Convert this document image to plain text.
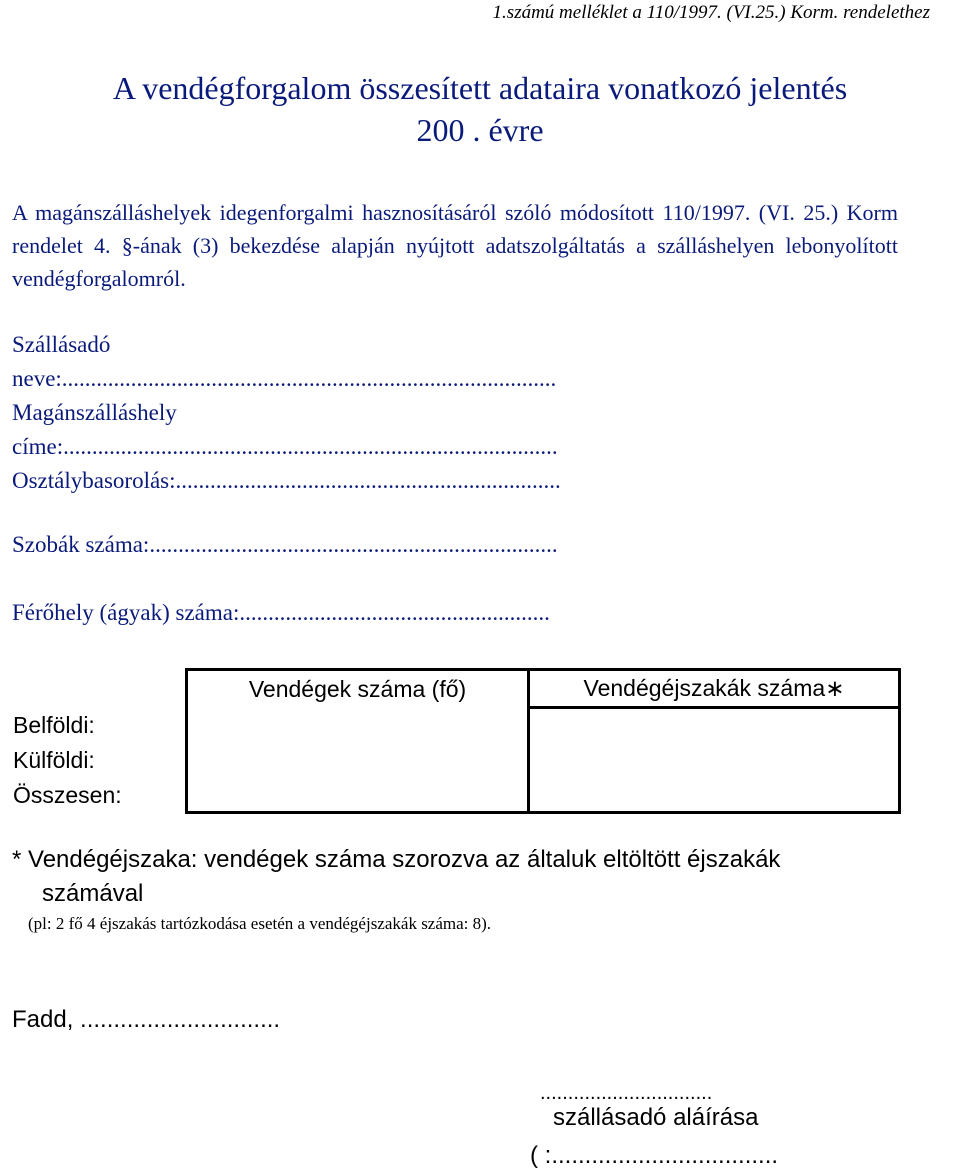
1.számú melléklet a 110/1997. (VI.25.) Korm. rendelethez
A vendégforgalom összesített adataira vonatkozó jelentés
200 . évre
A magánszálláshelyek idegenforgalmi hasznosításáról szóló módosított 110/1997. (VI. 25.) Korm rendelet 4. §-ának (3) bekezdése alapján nyújtott adatszolgáltatás a szálláshelyen lebonyolított vendégforgalomról.
Szállásadó
neve:......................................................................................
Magánszálláshely
címe:......................................................................................
Osztálybasorolás:...................................................................
Szobák száma:.......................................................................
Férőhely (ágyak) száma:......................................................
	Vendégek száma (fő)	Vendégéjszakák száma∗
Belföldi:		
Külföldi:		
Összesen:		
* Vendégéjszaka: vendégek száma szorozva az általuk eltöltött éjszakák
számával
(pl: 2 fő 4 éjszakás tartózkodása esetén a vendégéjszakák száma: 8).
Fadd, ..............................
...............................
szállásadó aláírása
( :..................................
